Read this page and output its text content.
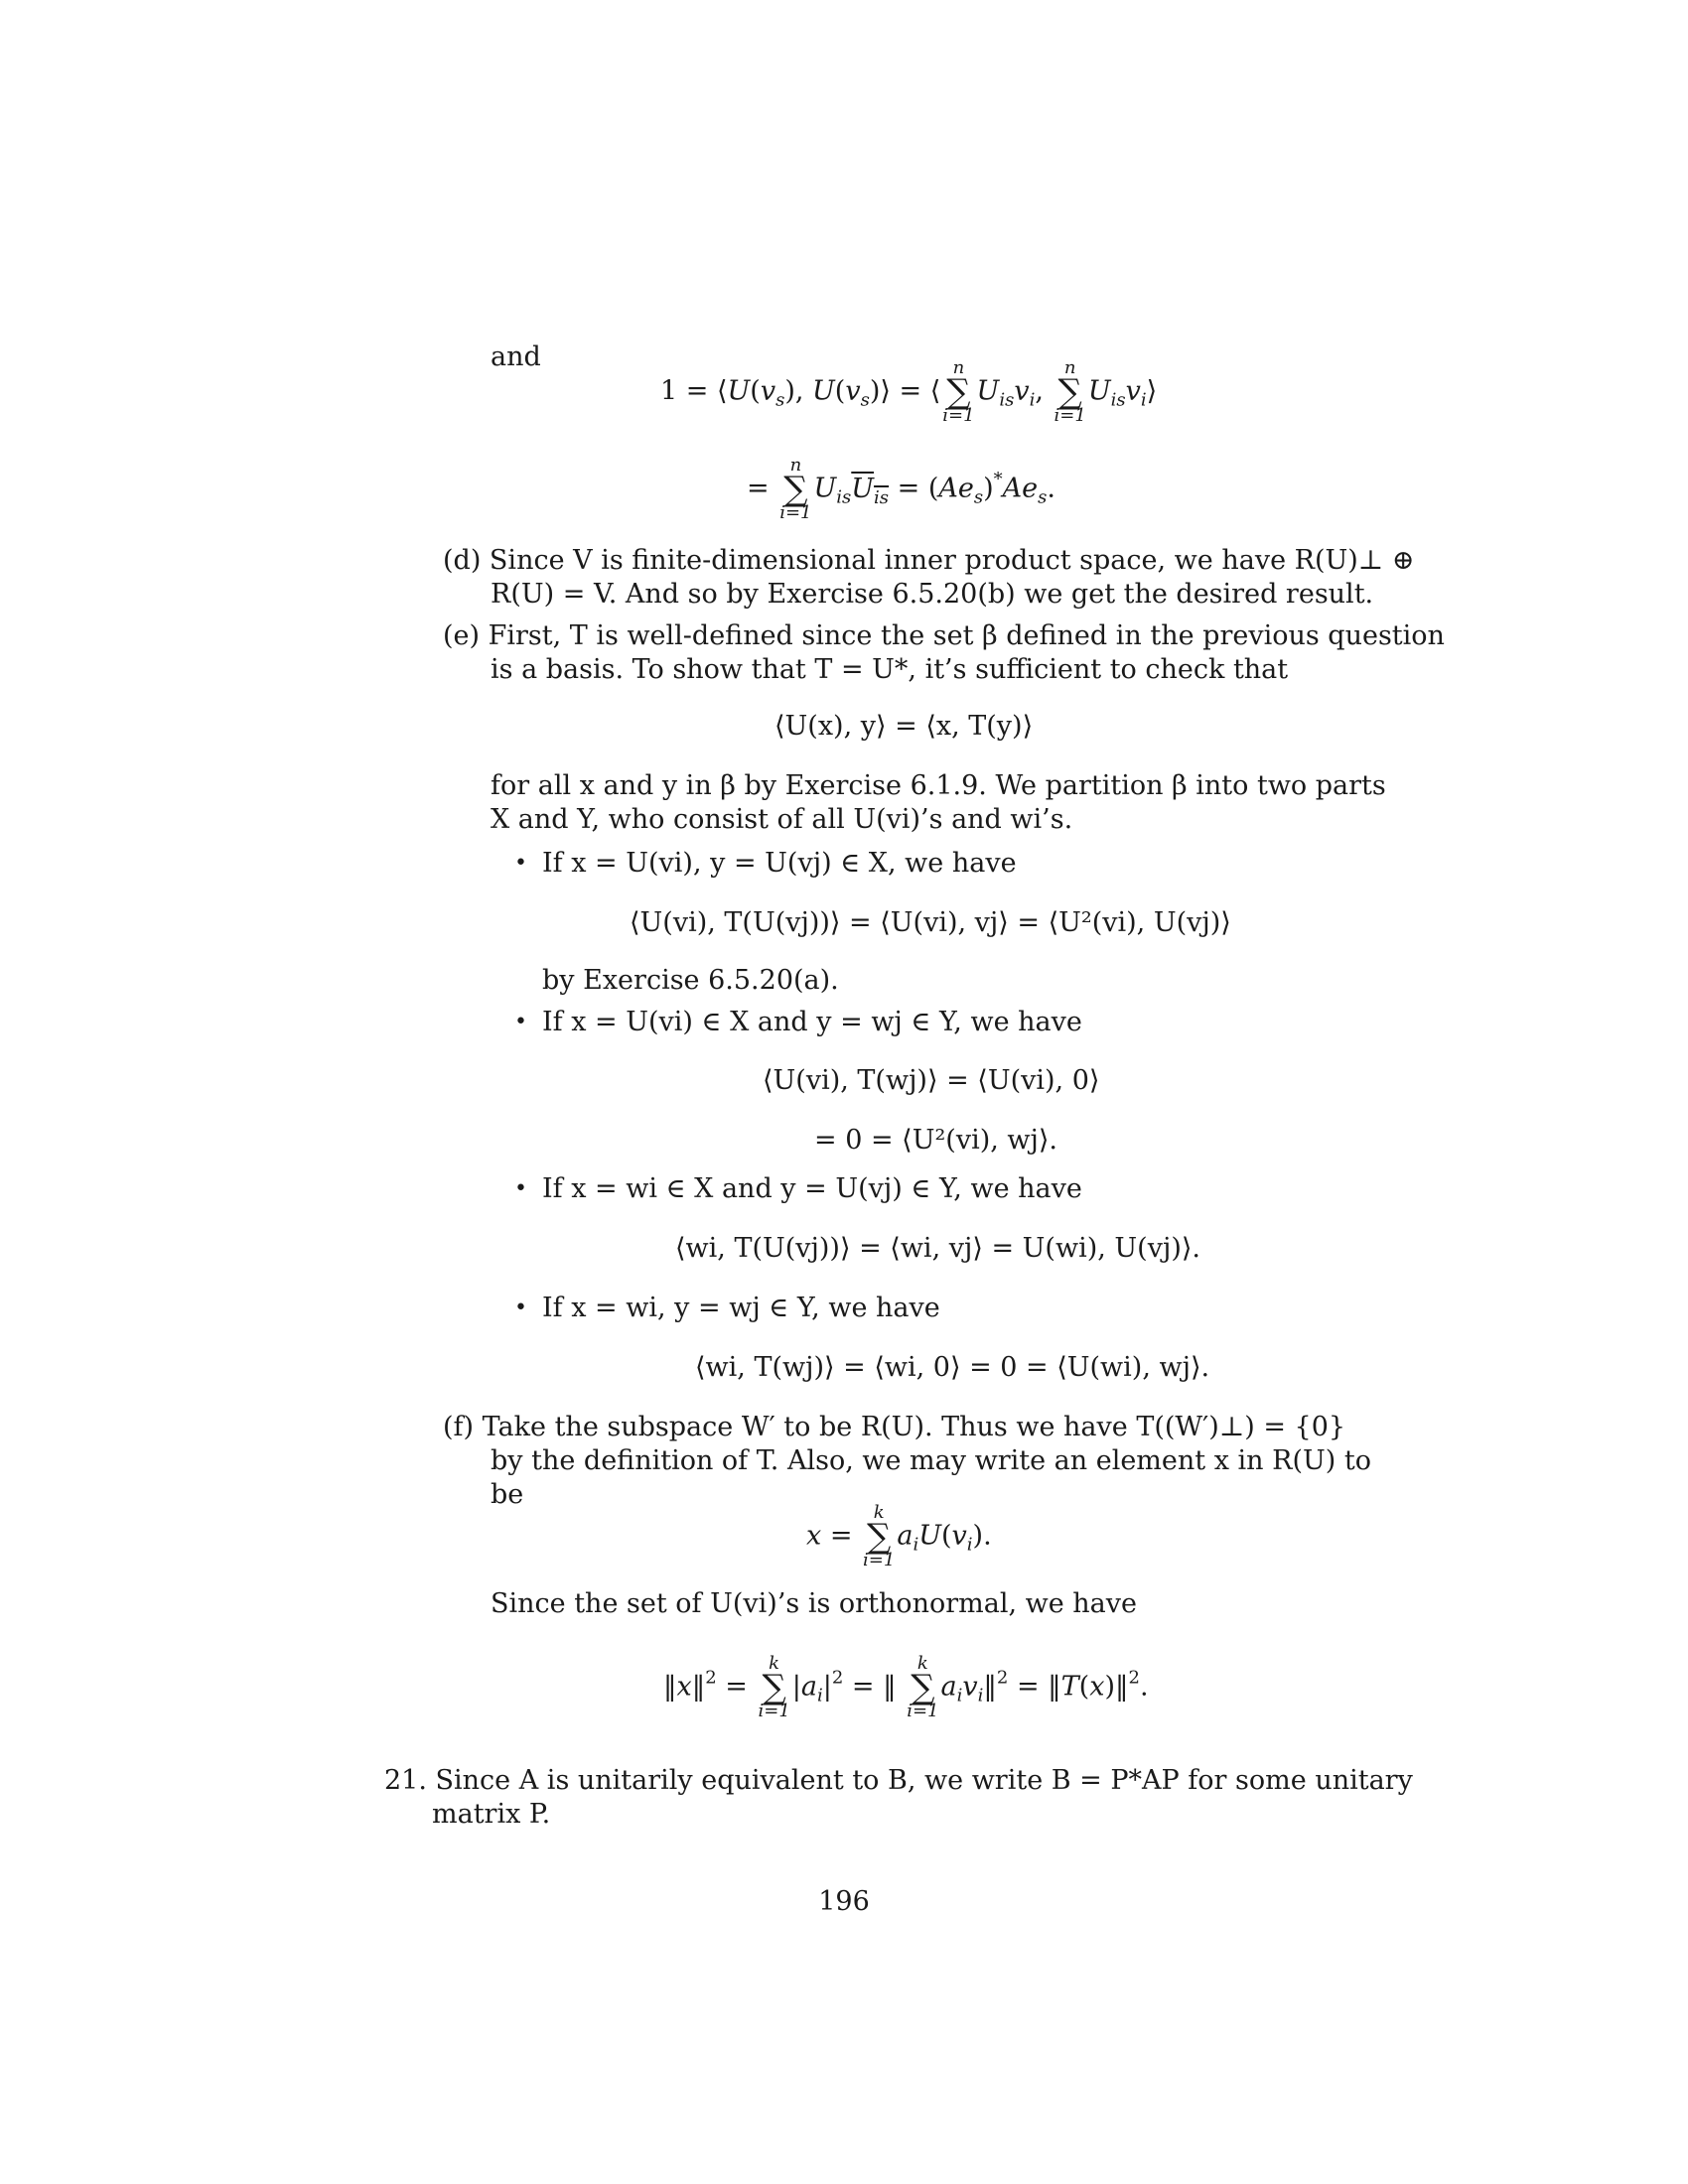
and
$1 = ⟨U(v_s)$, $U(v_s)⟩$ = ⟨
n
∑
i=1
$U_{is}v_i$,
n
∑
i=1
$U_{is}v_i⟩$
=
n
∑
i=1
$U_{is}U_{is} = (Ae_s)^*Ae_s$.
(d) Since V is finite-dimensional inner product space, we have R(U)⊥ ⊕
R(U) = V. And so by Exercise 6.5.20(b) we get the desired result.
(e) First, T is well-defined since the set β defined in the previous question
is a basis. To show that T = U*, it’s sufficient to check that
⟨U(x), y⟩ = ⟨x, T(y)⟩
for all x and y in β by Exercise 6.1.9. We partition β into two parts
X and Y, who consist of all U(vi)’s and wi’s.
• If x = U(vi), y = U(vj) ∈ X, we have
⟨U(vi), T(U(vj))⟩ = ⟨U(vi), vj⟩ = ⟨U²(vi), U(vj)⟩
by Exercise 6.5.20(a).
• If x = U(vi) ∈ X and y = wj ∈ Y, we have
⟨U(vi), T(wj)⟩ = ⟨U(vi), 0⟩
= 0 = ⟨U²(vi), wj⟩.
• If x = wi ∈ X and y = U(vj) ∈ Y, we have
⟨wi, T(U(vj))⟩ = ⟨wi, vj⟩ = U(wi), U(vj)⟩.
• If x = wi, y = wj ∈ Y, we have
⟨wi, T(wj)⟩ = ⟨wi, 0⟩ = 0 = ⟨U(wi), wj⟩.
(f) Take the subspace W′ to be R(U). Thus we have T((W′)⊥) = {0}
by the definition of T. Also, we may write an element x in R(U) to
be
x =
k
∑
i=1
$a_iU(v_i)$.
Since the set of U(vi)’s is orthonormal, we have
‖x‖$^2$ =
k
∑
i=1
$|a_i|^2$ = ‖
k
∑
i=1
$a_iv_i‖^2$ = ‖T(x)‖$^2$.
21. Since A is unitarily equivalent to B, we write B = P*AP for some unitary
matrix P.
196
